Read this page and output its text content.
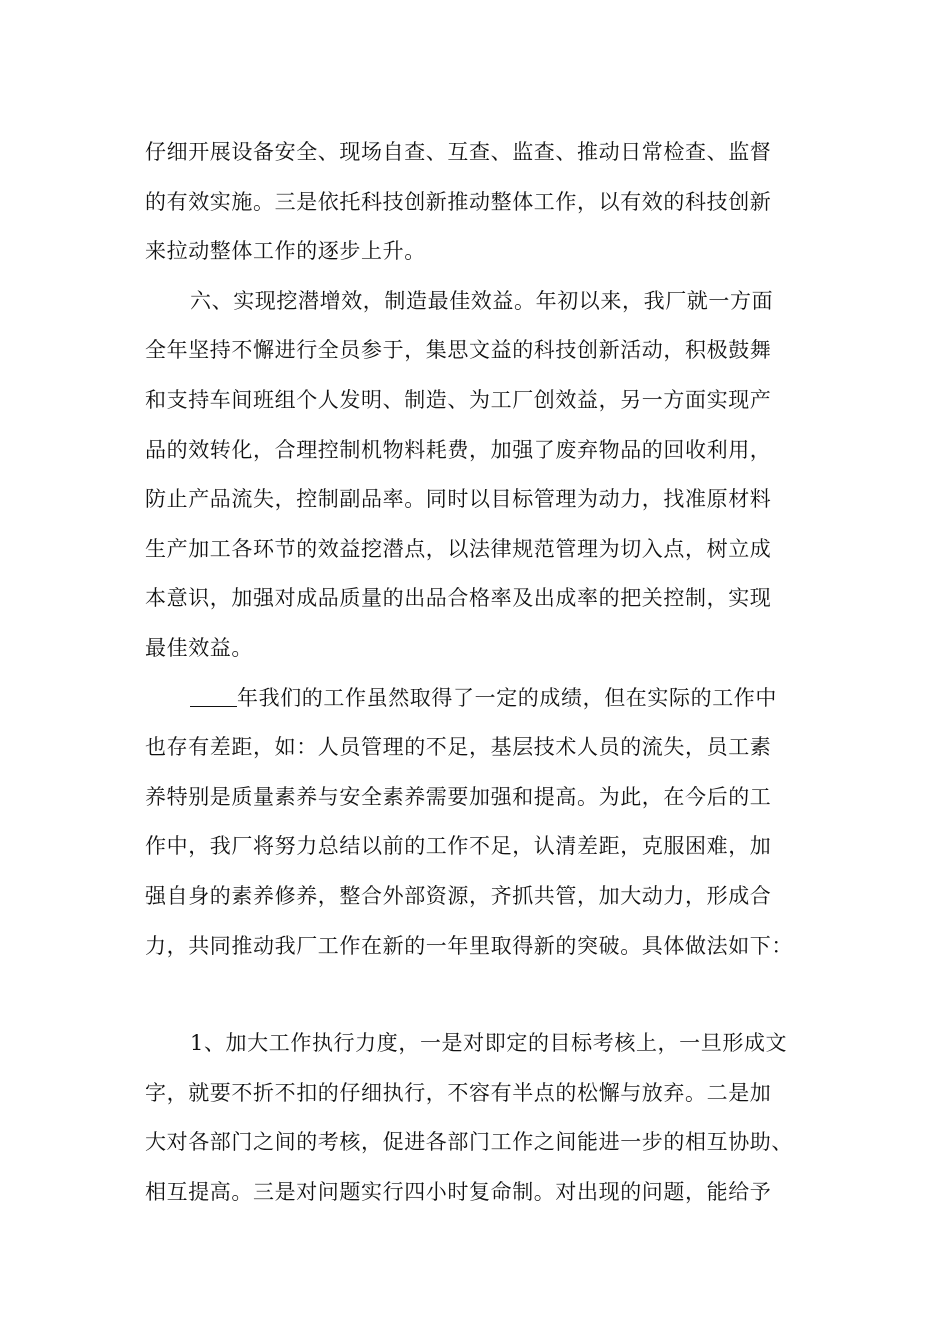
仔细开展设备安全、现场自查、互查、监查、推动日常检查、监督
的有效实施。三是依托科技创新推动整体工作，以有效的科技创新
来拉动整体工作的逐步上升。
六、实现挖潜增效，制造最佳效益。年初以来，我厂就一方面
全年坚持不懈进行全员参于，集思文益的科技创新活动，积极鼓舞
和支持车间班组个人发明、制造、为工厂创效益，另一方面实现产
品的效转化，合理控制机物料耗费，加强了废弃物品的回收利用，
防止产品流失，控制副品率。同时以目标管理为动力，找准原材料
生产加工各环节的效益挖潜点，以法律规范管理为切入点，树立成
本意识，加强对成品质量的出品合格率及出成率的把关控制，实现
最佳效益。
年我们的工作虽然取得了一定的成绩，但在实际的工作中
也存有差距，如：人员管理的不足，基层技术人员的流失，员工素
养特别是质量素养与安全素养需要加强和提高。为此，在今后的工
作中，我厂将努力总结以前的工作不足，认清差距，克服困难，加
强自身的素养修养，整合外部资源，齐抓共管，加大动力，形成合
力，共同推动我厂工作在新的一年里取得新的突破。具体做法如下：
1、加大工作执行力度，一是对即定的目标考核上，一旦形成文
字，就要不折不扣的仔细执行，不容有半点的松懈与放弃。二是加
大对各部门之间的考核，促进各部门工作之间能进一步的相互协助、
相互提高。三是对问题实行四小时复命制。对出现的问题，能给予
